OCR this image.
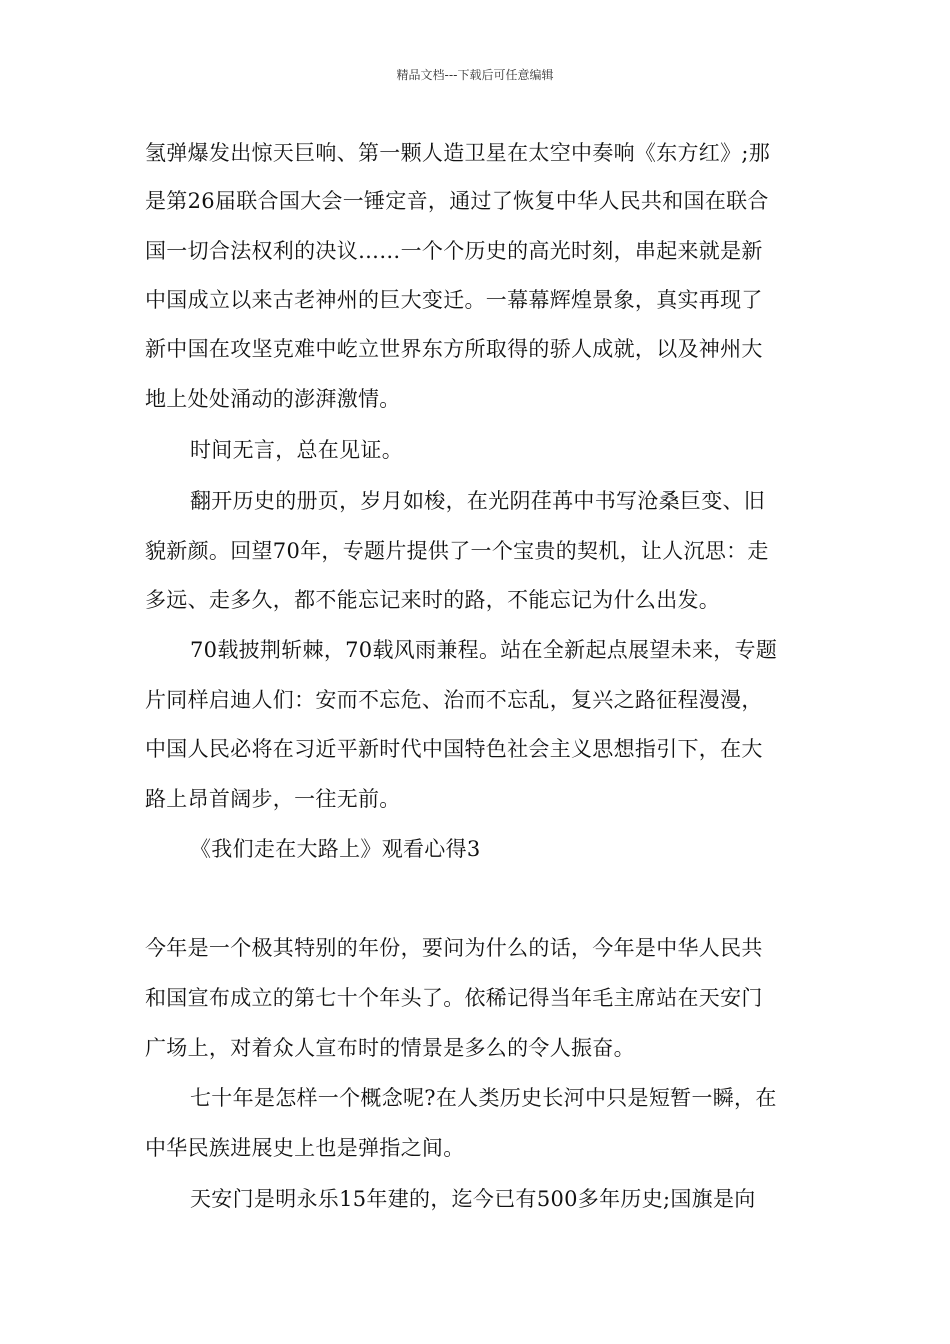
精品文档---下载后可任意编辑
氢弹爆发出惊天巨响、第一颗人造卫星在太空中奏响《东方红》;那
是第26届联合国大会一锤定音，通过了恢复中华人民共和国在联合
国一切合法权利的决议……一个个历史的高光时刻，串起来就是新
中国成立以来古老神州的巨大变迁。一幕幕辉煌景象，真实再现了
新中国在攻坚克难中屹立世界东方所取得的骄人成就，以及神州大
地上处处涌动的澎湃激情。
时间无言，总在见证。
翻开历史的册页，岁月如梭，在光阴荏苒中书写沧桑巨变、旧
貌新颜。回望70年，专题片提供了一个宝贵的契机，让人沉思：走
多远、走多久，都不能忘记来时的路，不能忘记为什么出发。
70载披荆斩棘，70载风雨兼程。站在全新起点展望未来，专题
片同样启迪人们：安而不忘危、治而不忘乱，复兴之路征程漫漫，
中国人民必将在习近平新时代中国特色社会主义思想指引下，在大
路上昂首阔步，一往无前。
《我们走在大路上》观看心得3
今年是一个极其特别的年份，要问为什么的话，今年是中华人民共
和国宣布成立的第七十个年头了。依稀记得当年毛主席站在天安门
广场上，对着众人宣布时的情景是多么的令人振奋。
七十年是怎样一个概念呢?在人类历史长河中只是短暂一瞬，在
中华民族进展史上也是弹指之间。
天安门是明永乐15年建的，迄今已有500多年历史;国旗是向
